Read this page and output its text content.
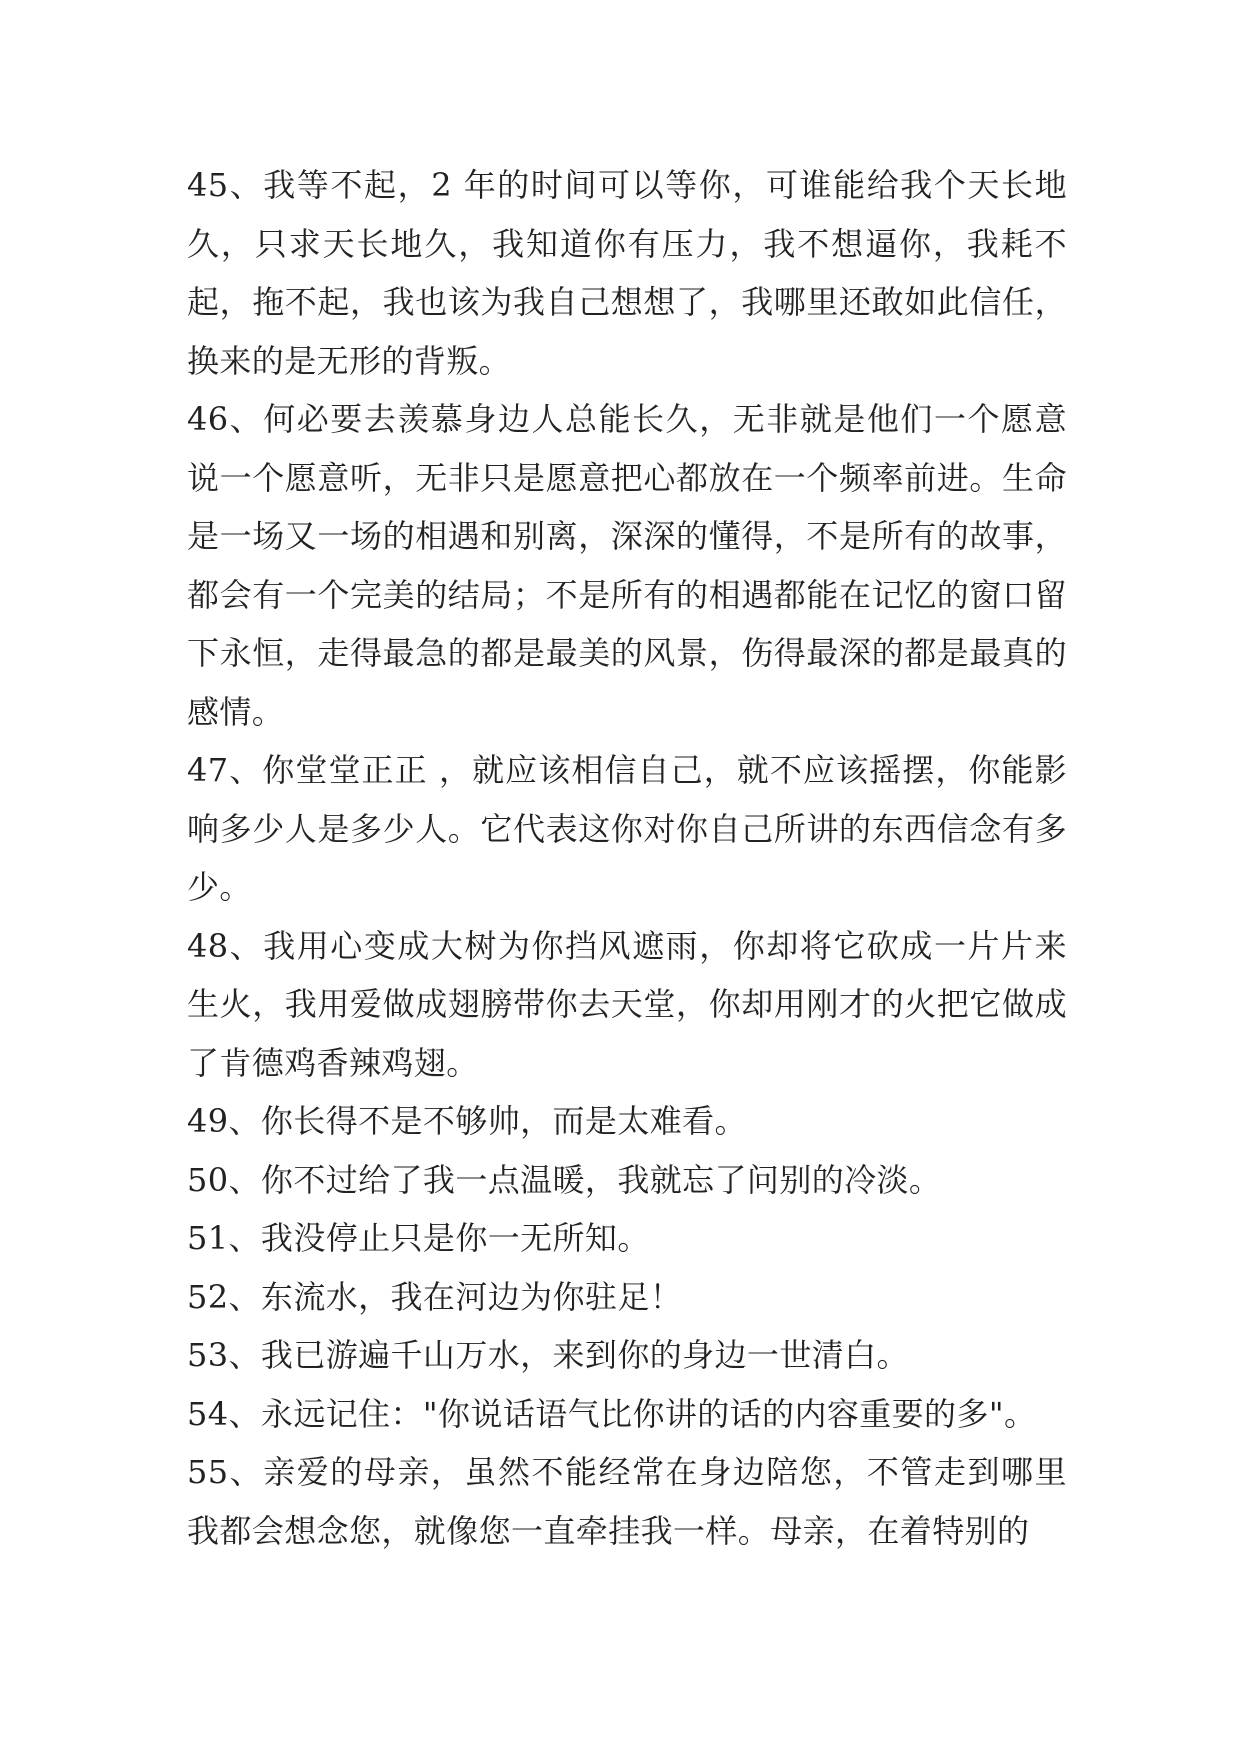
45、我等不起，2 年的时间可以等你，可谁能给我个天长地久，只求天长地久，我知道你有压力，我不想逼你，我耗不起，拖不起，我也该为我自己想想了，我哪里还敢如此信任，换来的是无形的背叛。

46、何必要去羡慕身边人总能长久，无非就是他们一个愿意说一个愿意听，无非只是愿意把心都放在一个频率前进。生命是一场又一场的相遇和别离，深深的懂得，不是所有的故事，都会有一个完美的结局；不是所有的相遇都能在记忆的窗口留下永恒，走得最急的都是最美的风景，伤得最深的都是最真的感情。

47、你堂堂正正 ，就应该相信自己，就不应该摇摆，你能影响多少人是多少人。它代表这你对你自己所讲的东西信念有多少。

48、我用心变成大树为你挡风遮雨，你却将它砍成一片片来生火，我用爱做成翅膀带你去天堂，你却用刚才的火把它做成了肯德鸡香辣鸡翅。

49、你长得不是不够帅，而是太难看。

50、你不过给了我一点温暖，我就忘了问别的冷淡。

51、我没停止只是你一无所知。

52、东流水，我在河边为你驻足！

53、我已游遍千山万水，来到你的身边一世清白。

54、永远记住："你说话语气比你讲的话的内容重要的多"。

55、亲爱的母亲，虽然不能经常在身边陪您，不管走到哪里我都会想念您，就像您一直牵挂我一样。母亲，在着特别的
